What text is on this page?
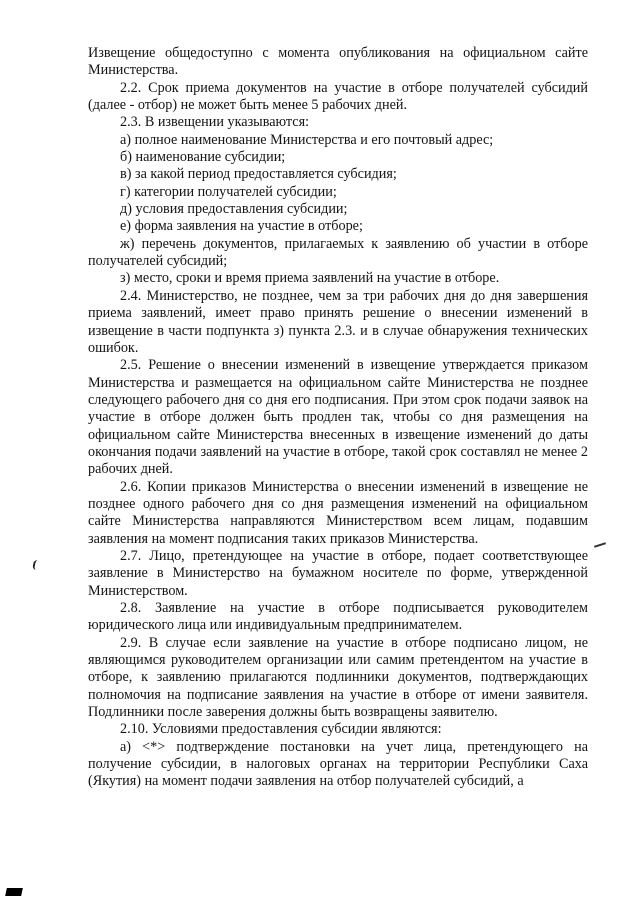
Извещение общедоступно с момента опубликования на официальном сайте Министерства.

2.2. Срок приема документов на участие в отборе получателей субсидий (далее - отбор) не может быть менее 5 рабочих дней.

2.3. В извещении указываются:

а) полное наименование Министерства и его почтовый адрес;

б) наименование субсидии;

в) за какой период предоставляется субсидия;

г) категории получателей субсидии;

д) условия предоставления субсидии;

е) форма заявления на участие в отборе;

ж) перечень документов, прилагаемых к заявлению об участии в отборе получателей субсидий;

з) место, сроки и время приема заявлений на участие в отборе.

2.4. Министерство, не позднее, чем за три рабочих дня до дня завершения приема заявлений, имеет право принять решение о внесении изменений в извещение в части подпункта з) пункта 2.3. и в случае обнаружения технических ошибок.

2.5. Решение о внесении изменений в извещение утверждается приказом Министерства и размещается на официальном сайте Министерства не позднее следующего рабочего дня со дня его подписания. При этом срок подачи заявок на участие в отборе должен быть продлен так, чтобы со дня размещения на официальном сайте Министерства внесенных в извещение изменений до даты окончания подачи заявлений на участие в отборе, такой срок составлял не менее 2 рабочих дней.

2.6. Копии приказов Министерства о внесении изменений в извещение не позднее одного рабочего дня со дня размещения изменений на официальном сайте Министерства направляются Министерством всем лицам, подавшим заявления на момент подписания таких приказов Министерства.

2.7. Лицо, претендующее на участие в отборе, подает соответствующее заявление в Министерство на бумажном носителе по форме, утвержденной Министерством.

2.8. Заявление на участие в отборе подписывается руководителем юридического лица или индивидуальным предпринимателем.

2.9. В случае если заявление на участие в отборе подписано лицом, не являющимся руководителем организации или самим претендентом на участие в отборе, к заявлению прилагаются подлинники документов, подтверждающих полномочия на подписание заявления на участие в отборе от имени заявителя. Подлинники после заверения должны быть возвращены заявителю.

2.10. Условиями предоставления субсидии являются:

а) <*> подтверждение постановки на учет лица, претендующего на получение субсидии, в налоговых органах на территории Республики Саха (Якутия) на момент подачи заявления на отбор получателей субсидий, а
